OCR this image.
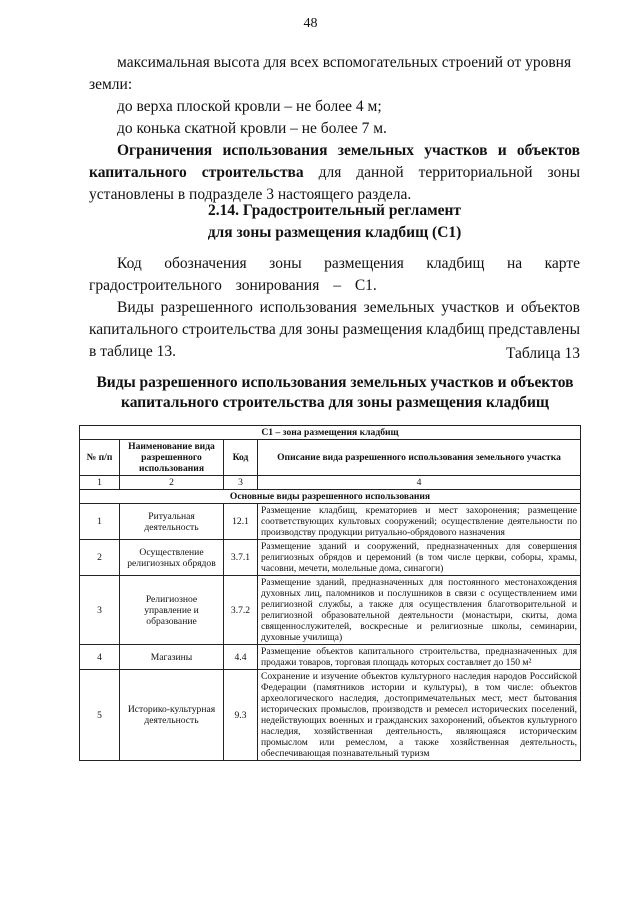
48

максимальная высота для всех вспомогательных строений от уровня земли:

до верха плоской кровли – не более 4 м;

до конька скатной кровли – не более 7 м.

Ограничения использования земельных участков и объектов капитального строительства для данной территориальной зоны установлены в подразделе 3 настоящего раздела.

2.14. Градостроительный регламент
для зоны размещения кладбищ (С1)

Код обозначения зоны размещения кладбищ на карте градостроительного зонирования – С1.

Виды разрешенного использования земельных участков и объектов капитального строительства для зоны размещения кладбищ представлены в таблице 13.	Таблица 13
Виды разрешенного использования земельных участков и объектов
капитального строительства для зоны размещения кладбищ
С1 – зона размещения кладбищ			
№ п/п	Наименование вида разрешенного использования	Код	Описание вида разрешенного использования земельного участка
1	2	3	4
Основные виды разрешенного использования			
1	Ритуальная деятельность	12.1	Размещение кладбищ, крематориев и мест захоронения; размещение соответствующих культовых сооружений; осуществление деятельности по производству продукции ритуально-обрядового назначения
2	Осуществление религиозных обрядов	3.7.1	Размещение зданий и сооружений, предназначенных для совершения религиозных обрядов и церемоний (в том числе церкви, соборы, храмы, часовни, мечети, молельные дома, синагоги)
3	Религиозное управление и образование	3.7.2	Размещение зданий, предназначенных для постоянного местонахождения духовных лиц, паломников и послушников в связи с осуществлением ими религиозной службы, а также для осуществления благотворительной и религиозной образовательной деятельности (монастыри, скиты, дома священнослужителей, воскресные и религиозные школы, семинарии, духовные училища)
4	Магазины	4.4	Размещение объектов капитального строительства, предназначенных для продажи товаров, торговая площадь которых составляет до 150 м²
5	Историко-культурная деятельность	9.3	Сохранение и изучение объектов культурного наследия народов Российской Федерации (памятников истории и культуры), в том числе: объектов археологического наследия, достопримечательных мест, мест бытования исторических промыслов, производств и ремесел исторических поселений, недействующих военных и гражданских захоронений, объектов культурного наследия, хозяйственная деятельность, являющаяся историческим промыслом или ремеслом, а также хозяйственная деятельность, обеспечивающая познавательный туризм
